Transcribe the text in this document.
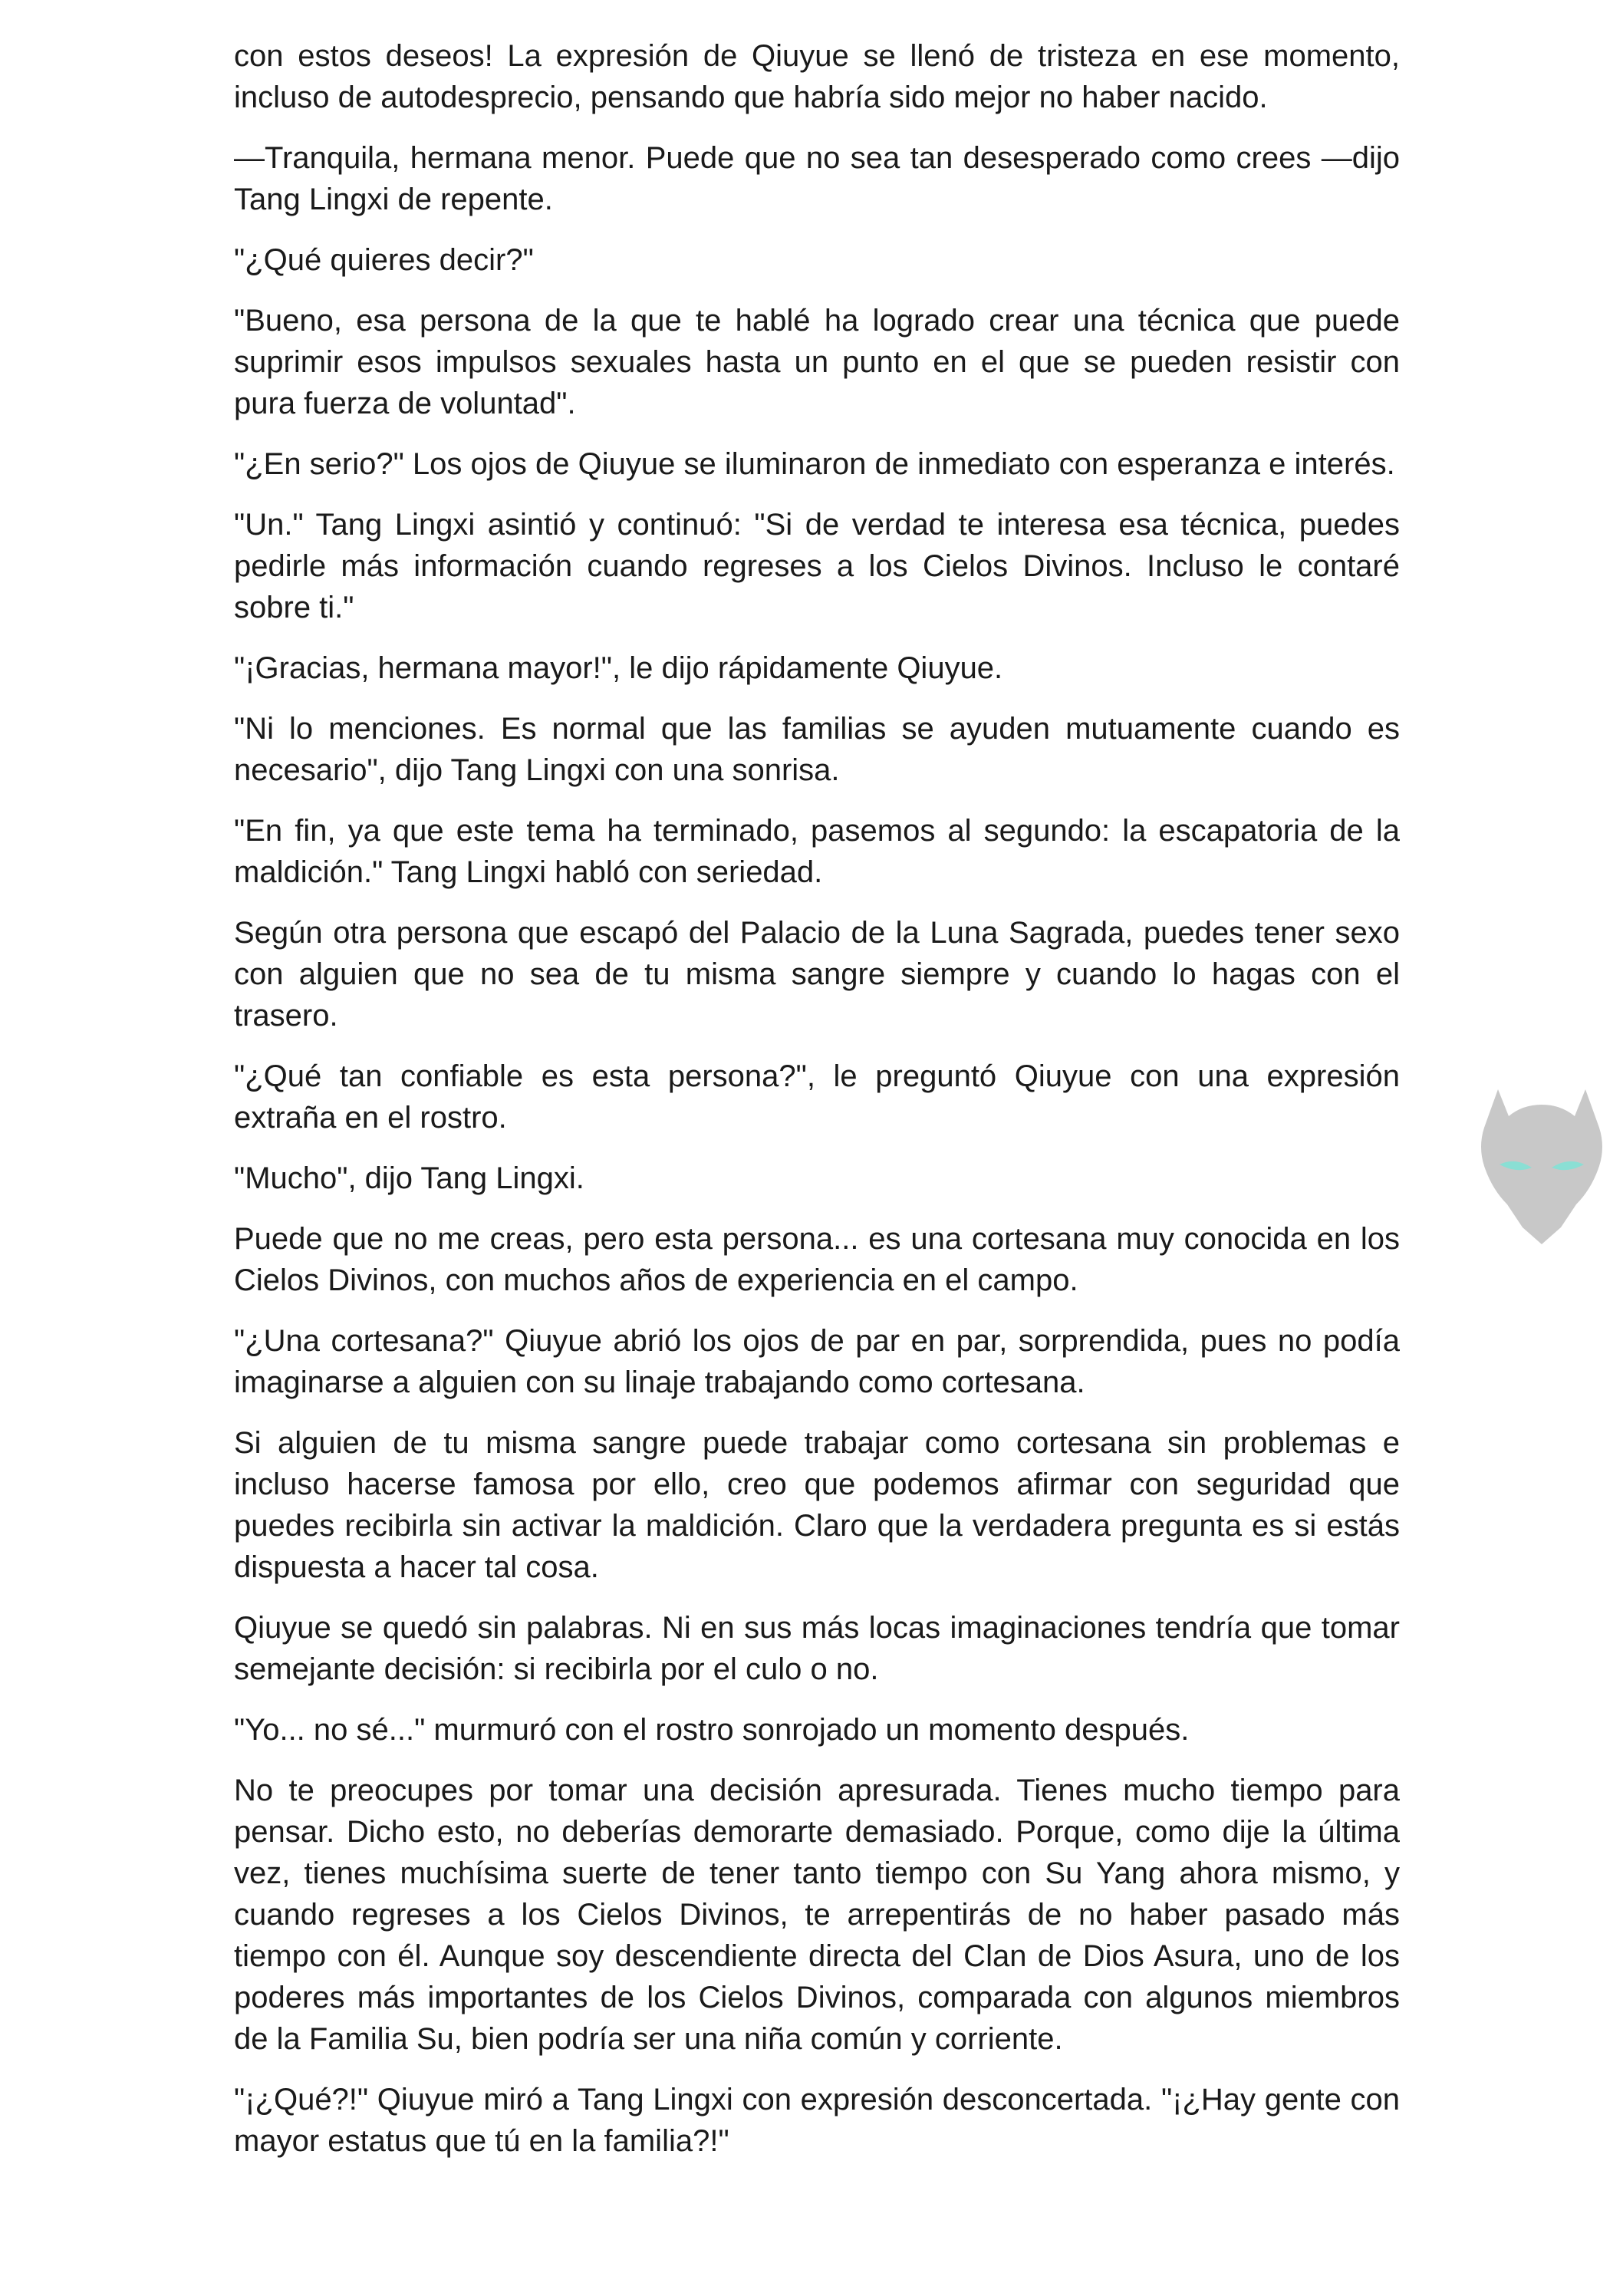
con estos deseos! La expresión de Qiuyue se llenó de tristeza en ese momento, incluso de autodesprecio, pensando que habría sido mejor no haber nacido.

—Tranquila, hermana menor. Puede que no sea tan desesperado como crees —dijo Tang Lingxi de repente.

"¿Qué quieres decir?"

"Bueno, esa persona de la que te hablé ha logrado crear una técnica que puede suprimir esos impulsos sexuales hasta un punto en el que se pueden resistir con pura fuerza de voluntad".

"¿En serio?" Los ojos de Qiuyue se iluminaron de inmediato con esperanza e interés.

"Un." Tang Lingxi asintió y continuó: "Si de verdad te interesa esa técnica, puedes pedirle más información cuando regreses a los Cielos Divinos. Incluso le contaré sobre ti."

"¡Gracias, hermana mayor!", le dijo rápidamente Qiuyue.

"Ni lo menciones. Es normal que las familias se ayuden mutuamente cuando es necesario", dijo Tang Lingxi con una sonrisa.

"En fin, ya que este tema ha terminado, pasemos al segundo: la escapatoria de la maldición." Tang Lingxi habló con seriedad.

Según otra persona que escapó del Palacio de la Luna Sagrada, puedes tener sexo con alguien que no sea de tu misma sangre siempre y cuando lo hagas con el trasero.

"¿Qué tan confiable es esta persona?", le preguntó Qiuyue con una expresión extraña en el rostro.

"Mucho", dijo Tang Lingxi.

Puede que no me creas, pero esta persona... es una cortesana muy conocida en los Cielos Divinos, con muchos años de experiencia en el campo.

"¿Una cortesana?" Qiuyue abrió los ojos de par en par, sorprendida, pues no podía imaginarse a alguien con su linaje trabajando como cortesana.

Si alguien de tu misma sangre puede trabajar como cortesana sin problemas e incluso hacerse famosa por ello, creo que podemos afirmar con seguridad que puedes recibirla sin activar la maldición. Claro que la verdadera pregunta es si estás dispuesta a hacer tal cosa.

Qiuyue se quedó sin palabras. Ni en sus más locas imaginaciones tendría que tomar semejante decisión: si recibirla por el culo o no.

"Yo... no sé..." murmuró con el rostro sonrojado un momento después.

No te preocupes por tomar una decisión apresurada. Tienes mucho tiempo para pensar. Dicho esto, no deberías demorarte demasiado. Porque, como dije la última vez, tienes muchísima suerte de tener tanto tiempo con Su Yang ahora mismo, y cuando regreses a los Cielos Divinos, te arrepentirás de no haber pasado más tiempo con él. Aunque soy descendiente directa del Clan de Dios Asura, uno de los poderes más importantes de los Cielos Divinos, comparada con algunos miembros de la Familia Su, bien podría ser una niña común y corriente.

"¡¿Qué?!" Qiuyue miró a Tang Lingxi con expresión desconcertada. "¡¿Hay gente con mayor estatus que tú en la familia?!"
